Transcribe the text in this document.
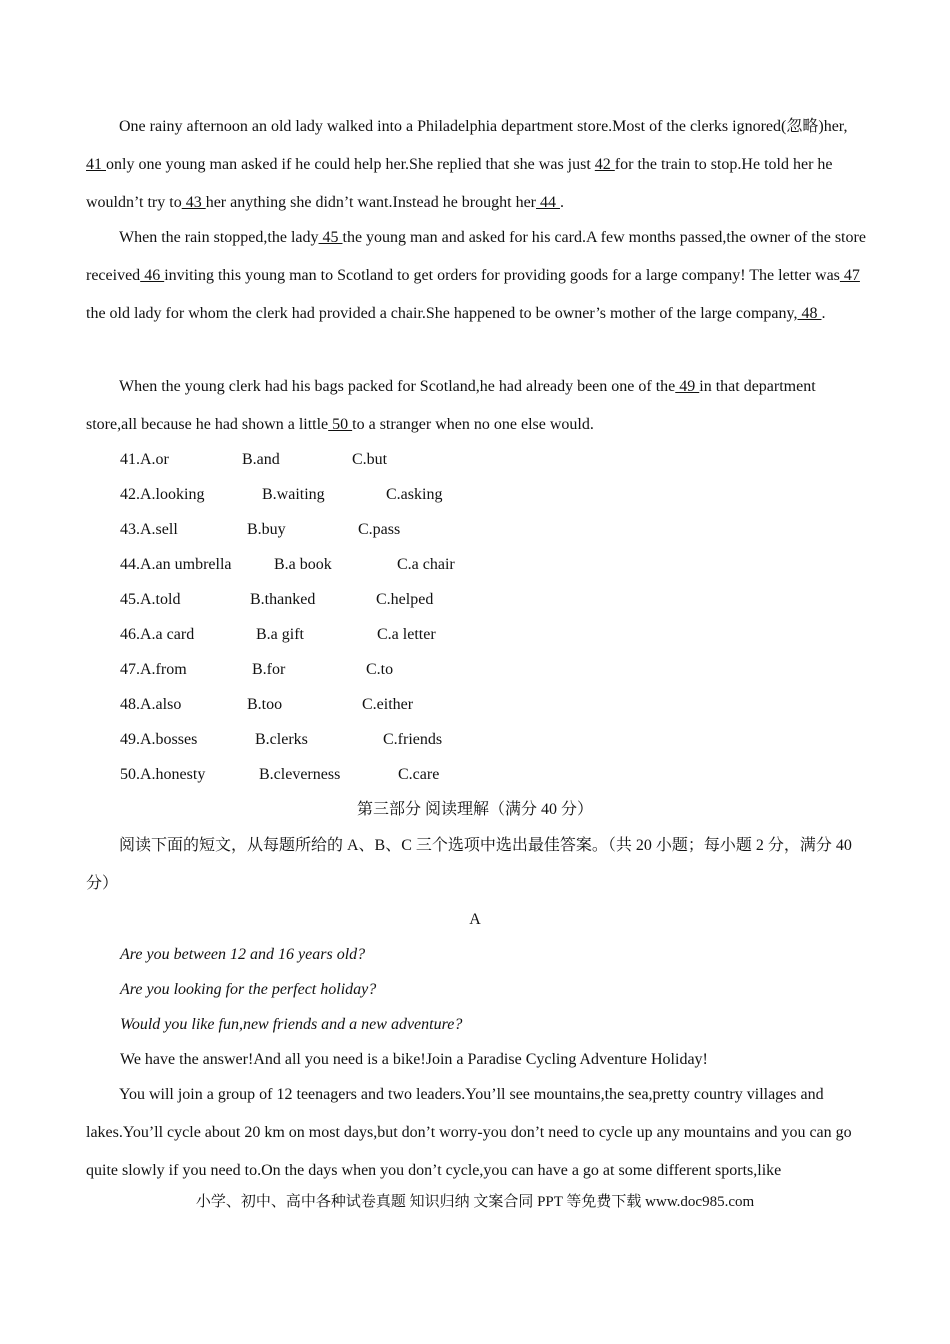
One rainy afternoon an old lady walked into a Philadelphia department store.Most of the clerks ignored(忽略)her, 41 only one young man asked if he could help her.She replied that she was just 42 for the train to stop.He told her he wouldn’t try to 43 her anything she didn’t want.Instead he brought her 44 .

When the rain stopped,the lady 45 the young man and asked for his card.A few months passed,the owner of the store received 46 inviting this young man to Scotland to get orders for providing goods for a large company! The letter was 47 the old lady for whom the clerk had provided a chair.She happened to be owner’s mother of the large company, 48 .

When the young clerk had his bags packed for Scotland,he had already been one of the 49 in that department store,all because he had shown a little 50 to a stranger when no one else would.

41.A.or	B.and	C.but
42.A.looking	B.waiting	C.asking
43.A.sell	B.buy	C.pass
44.A.an umbrella	B.a book	C.a chair
45.A.told	B.thanked	C.helped
46.A.a card	B.a gift	C.a letter
47.A.from	B.for	C.to
48.A.also	B.too	C.either
49.A.bosses	B.clerks	C.friends
50.A.honesty	B.cleverness	C.care
第三部分 阅读理解（满分 40 分）

阅读下面的短文，从每题所给的 A、B、C 三个选项中选出最佳答案。（共 20 小题；每小题 2 分，满分 40 分）

A
Are you between 12 and 16 years old?
Are you looking for the perfect holiday?
Would you like fun,new friends and a new adventure?
We have the answer!And all you need is a bike!Join a Paradise Cycling Adventure Holiday!

You will join a group of 12 teenagers and two leaders.You’ll see mountains,the sea,pretty country villages and lakes.You’ll cycle about 20 km on most days,but don’t worry-you don’t need to cycle up any mountains and you can go quite slowly if you need to.On the days when you don’t cycle,you can have a go at some different sports,like

小学、初中、高中各种试卷真题 知识归纳 文案合同 PPT 等免费下载 www.doc985.com
